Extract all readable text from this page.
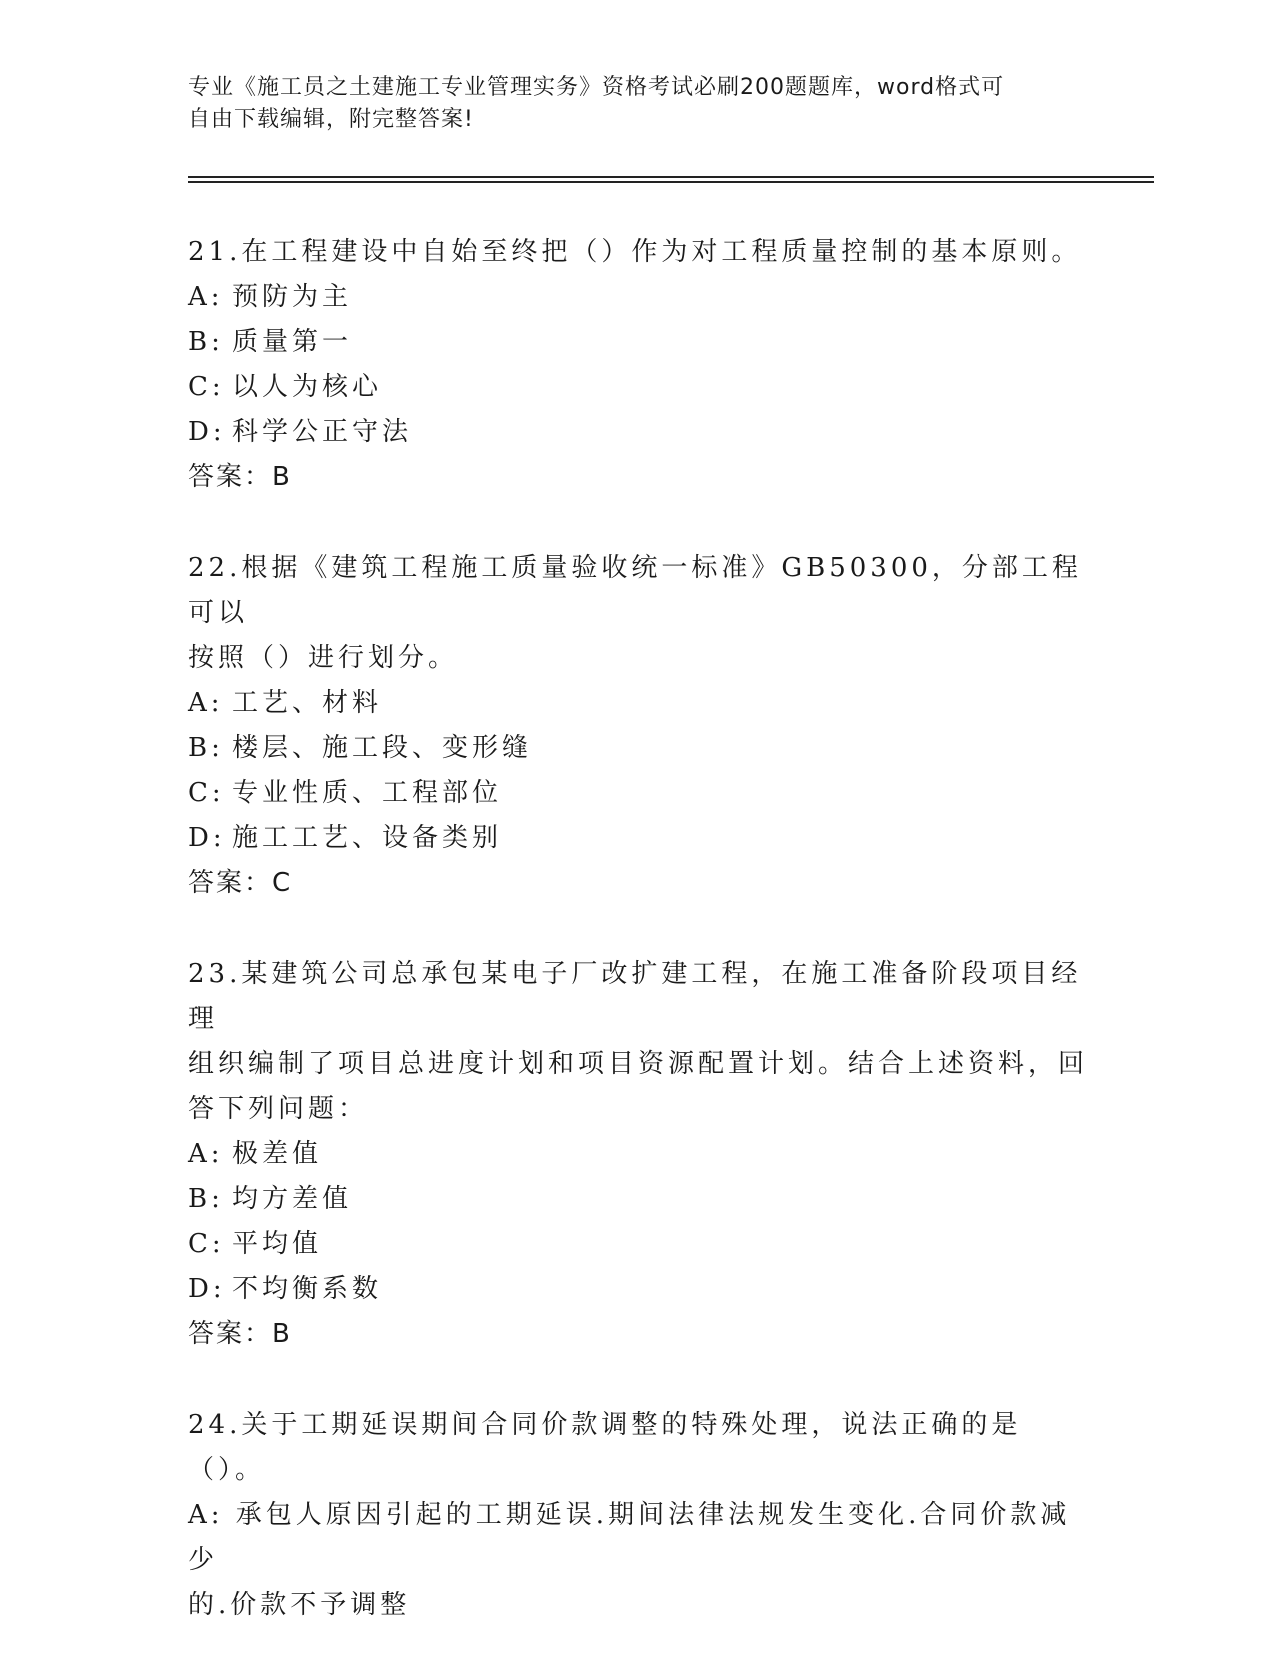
专业《施工员之土建施工专业管理实务》资格考试必刷200题题库，word格式可
自由下载编辑，附完整答案!

21.在工程建设中自始至终把（）作为对工程质量控制的基本原则。

A: 预防为主

B: 质量第一

C: 以人为核心

D: 科学公正守法

答案：B

22.根据《建筑工程施工质量验收统一标准》GB50300，分部工程可以

按照（）进行划分。

A: 工艺、材料

B: 楼层、施工段、变形缝

C: 专业性质、工程部位

D: 施工工艺、设备类别

答案：C

23.某建筑公司总承包某电子厂改扩建工程，在施工准备阶段项目经理

组织编制了项目总进度计划和项目资源配置计划。结合上述资料，回

答下列问题：

A: 极差值

B: 均方差值

C: 平均值

D: 不均衡系数

答案：B

24.关于工期延误期间合同价款调整的特殊处理，说法正确的是（）。

A: 承包人原因引起的工期延误.期间法律法规发生变化.合同价款减少

的.价款不予调整
